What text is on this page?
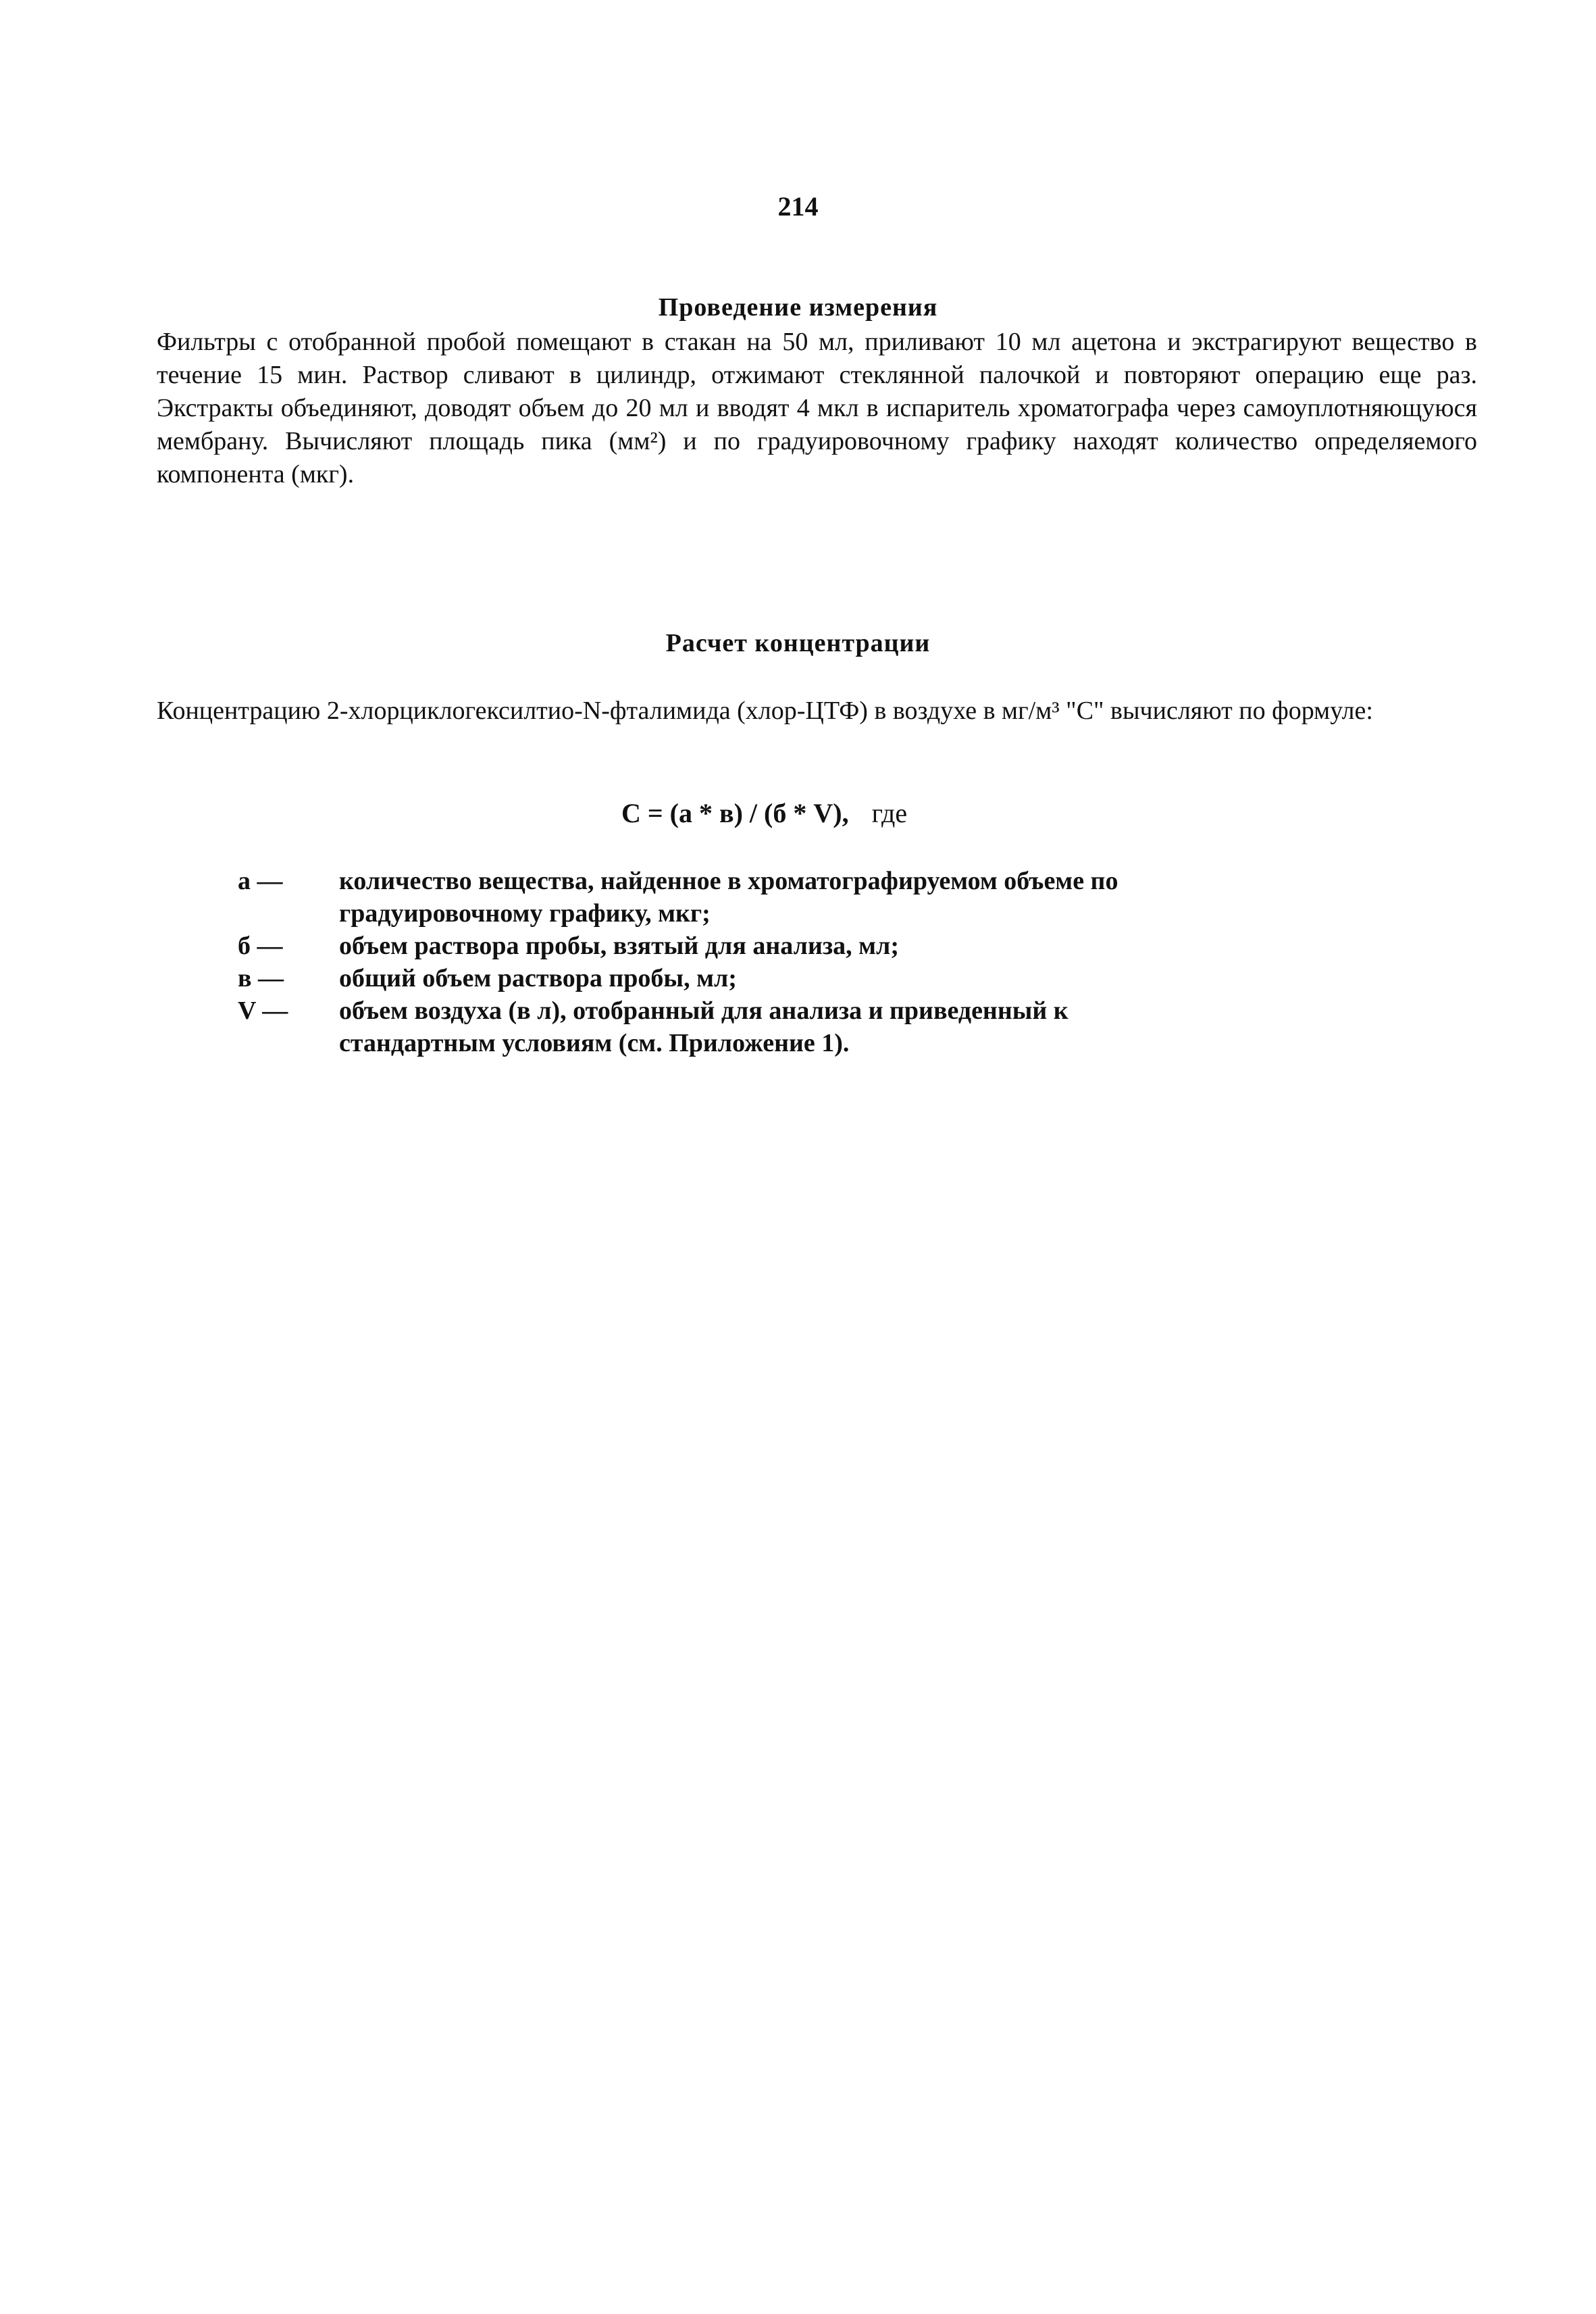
214
Проведение измерения
Фильтры с отобранной пробой помещают в стакан на 50 мл, приливают 10 мл ацетона и экстрагируют вещество в течение 15 мин. Раствор сливают в цилиндр, отжимают стеклянной палочкой и повторяют операцию еще раз. Экстракты объединяют, доводят объем до 20 мл и вводят 4 мкл в испаритель хроматографа через самоуплотняющуюся мембрану. Вычисляют площадь пика (мм²) и по градуировочному графику находят количество определяемого компонента (мкг).
Расчет концентрации
Концентрацию 2-хлорциклогексилтио-N-фталимида (хлор-ЦТФ) в воздухе в мг/м³ "С" вычисляют по формуле:
С = (а * в) / (б * V), где
а —	количество вещества, найденное в хроматографируемом объеме по градуировочному графику, мкг;
б —	объем раствора пробы, взятый для анализа, мл;
в —	общий объем раствора пробы, мл;
V —	объем воздуха (в л), отобранный для анализа и приведенный к стандартным условиям (см. Приложение 1).
